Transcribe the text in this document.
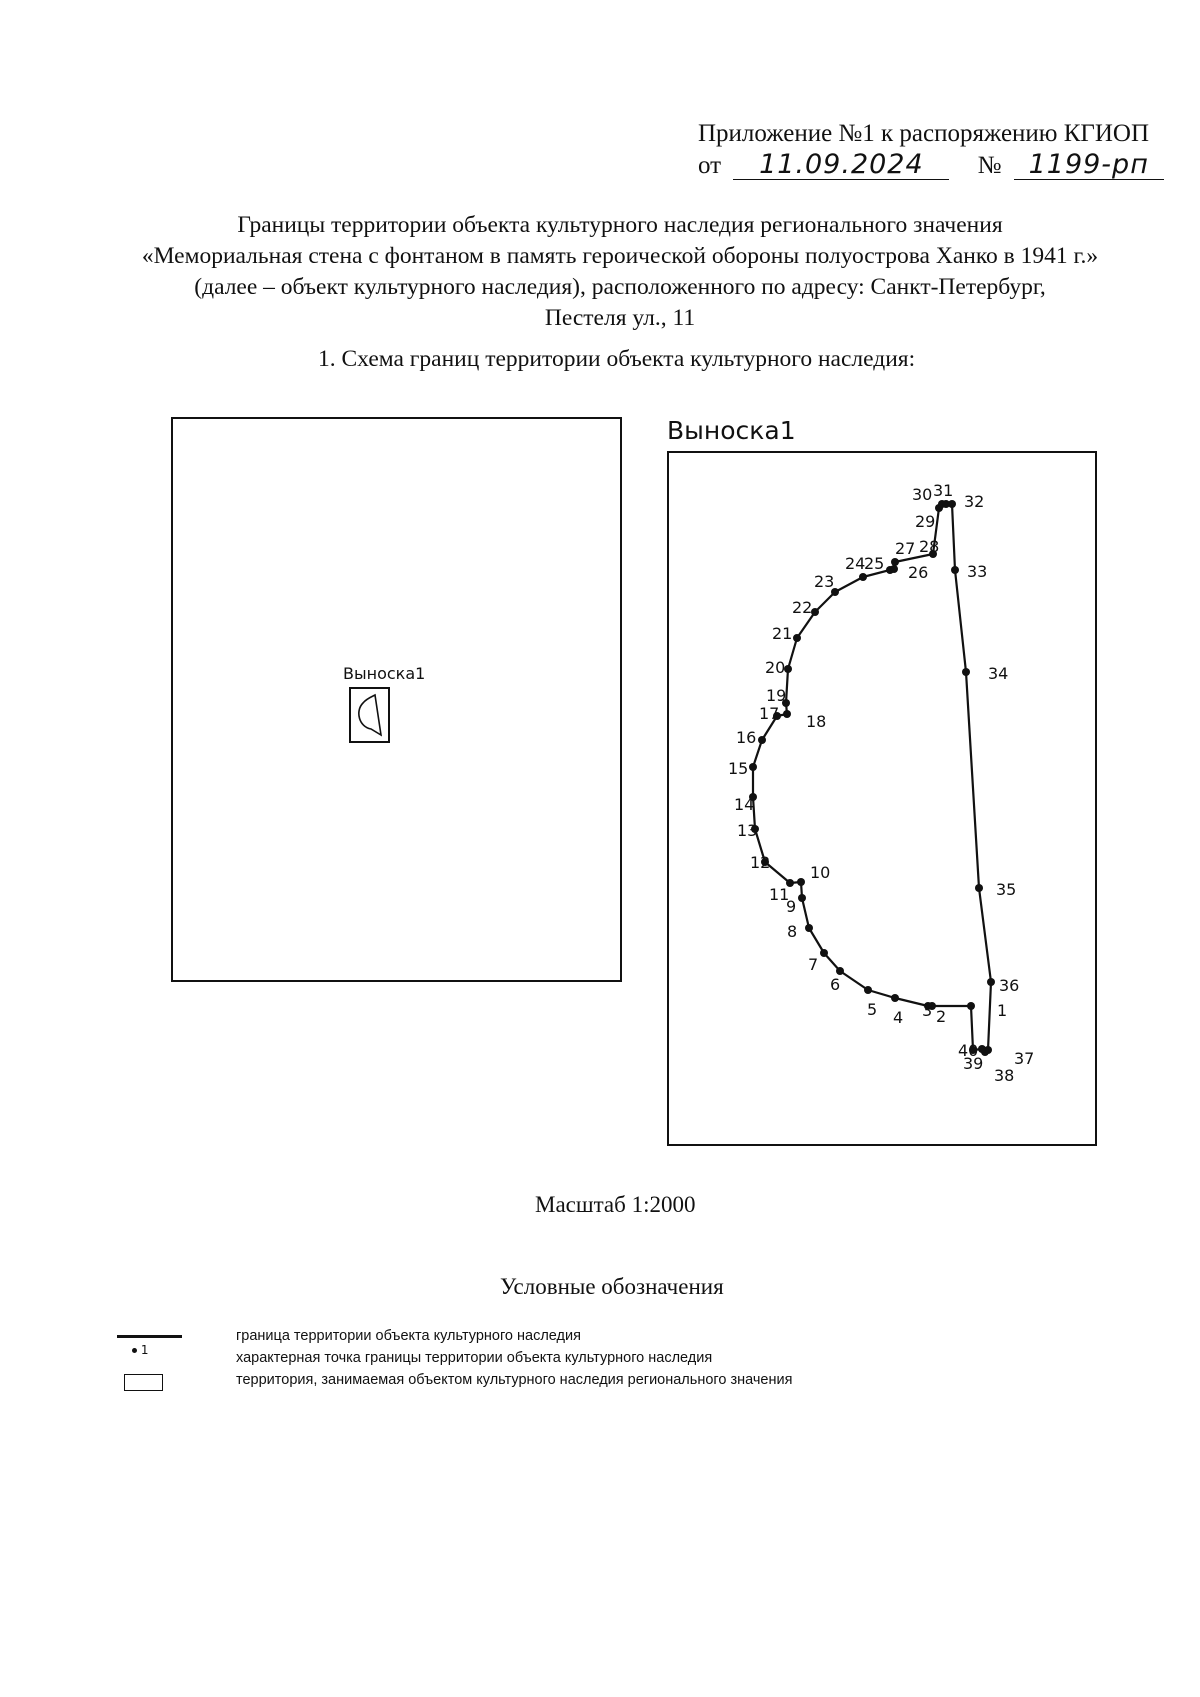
Приложение №1 к распоряжению КГИОП
от 11.09.2024 № 1199-рп
Границы территории объекта культурного наследия регионального значения
«Мемориальная стена с фонтаном в память героической обороны полуострова Ханко в 1941 г.»
(далее – объект культурного наследия), расположенного по адресу: Санкт-Петербург,
Пестеля ул., 11
1. Схема границ территории объекта культурного наследия:
Выноска1
Выноска1
1
2
3
4
5
6
7
8
9
10
11
12
13
14
15
16
17 18
19
20
21
22
23
24
25 26
27 28
29
30 31
32
33
34
35
36
37
38
39
40
Масштаб 1:2000
Условные обозначения
1
граница территории объекта культурного наследия
характерная точка границы территории объекта культурного наследия
территория, занимаемая объектом культурного наследия регионального значения
